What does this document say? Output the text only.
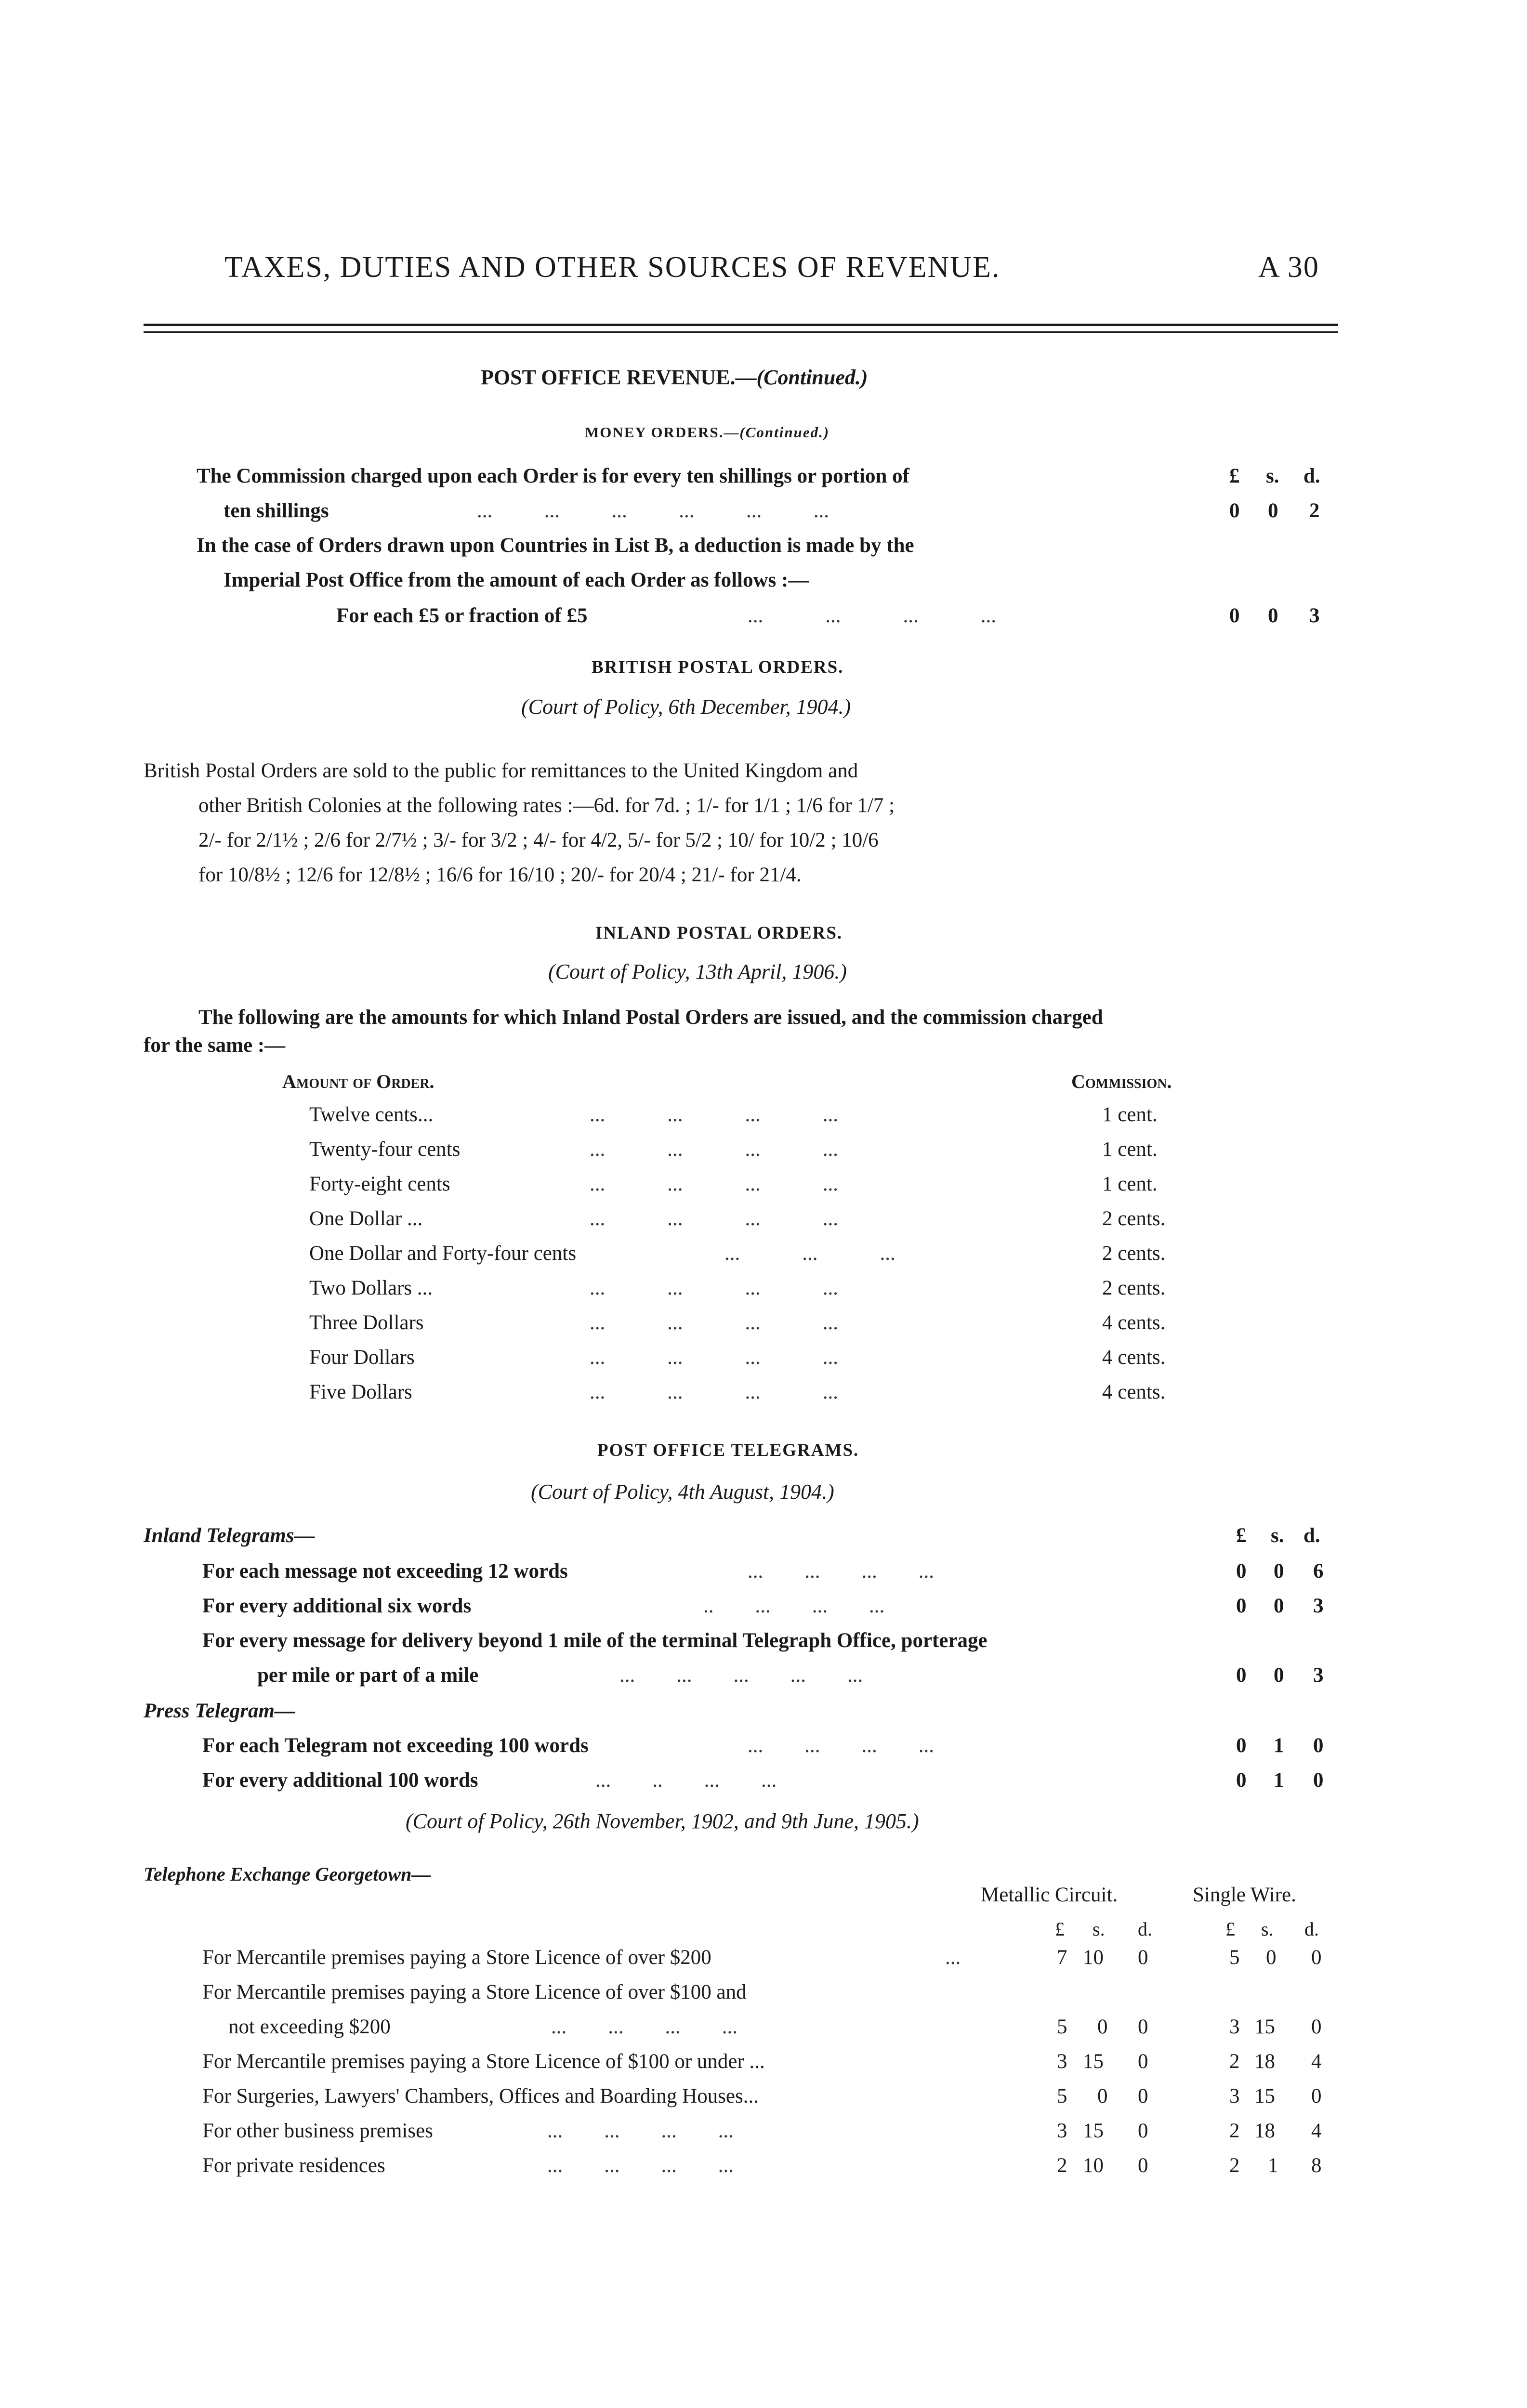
TAXES, DUTIES AND OTHER SOURCES OF REVENUE.	A 30
POST OFFICE REVENUE.—(Continued.)
MONEY ORDERS.—(Continued.)
The Commission charged upon each Order is for every ten shillings or portion of	£ s. d.
ten shillings	...          ...          ...          ...          ...          ...	0 0 2
In the case of Orders drawn upon Countries in List B, a deduction is made by the
Imperial Post Office from the amount of each Order as follows :—
For each £5 or fraction of £5	...            ...            ...            ...	0 0 3
BRITISH POSTAL ORDERS.
(Court of Policy, 6th December, 1904.)
British Postal Orders are sold to the public for remittances to the United Kingdom and
other British Colonies at the following rates :—6d. for 7d. ; 1/- for 1/1 ; 1/6 for 1/7 ;
2/- for 2/1½ ; 2/6 for 2/7½ ; 3/- for 3/2 ; 4/- for 4/2, 5/- for 5/2 ; 10/ for 10/2 ; 10/6
for 10/8½ ; 12/6 for 12/8½ ; 16/6 for 16/10 ; 20/- for 20/4 ; 21/- for 21/4.
INLAND POSTAL ORDERS.
(Court of Policy, 13th April, 1906.)
The following are the amounts for which Inland Postal Orders are issued, and the commission charged
for the same :—
Amount of Order.	Commission.
Twelve cents...	...            ...            ...            ...	1 cent.
Twenty-four cents	...            ...            ...            ...	1 cent.
Forty-eight cents	...            ...            ...            ...	1 cent.
One Dollar ...	...            ...            ...            ...	2 cents.
One Dollar and Forty-four cents	...            ...            ...	2 cents.
Two Dollars ...	...            ...            ...            ...	2 cents.
Three Dollars	...            ...            ...            ...	4 cents.
Four Dollars	...            ...            ...            ...	4 cents.
Five Dollars	...            ...            ...            ...	4 cents.
POST OFFICE TELEGRAMS.
(Court of Policy, 4th August, 1904.)
Inland Telegrams—	£ s. d.
For each message not exceeding 12 words	...        ...        ...        ...	0 0 6
For every additional six words	..        ...        ...        ...	0 0 3
For every message for delivery beyond 1 mile of the terminal Telegraph Office, porterage
per mile or part of a mile	...        ...        ...        ...        ...	0 0 3
Press Telegram—
For each Telegram not exceeding 100 words	...        ...        ...        ...	0 1 0
For every additional 100 words	...        ..        ...        ...	0 1 0
(Court of Policy, 26th November, 1902, and 9th June, 1905.)
Telephone Exchange Georgetown—
Metallic Circuit.	Single Wire.
£ s. d.	£ s. d.
For Mercantile premises paying a Store Licence of over $200	...	7 10 0	5 0 0
For Mercantile premises paying a Store Licence of over $100 and
not exceeding $200	...        ...        ...        ...	5 0 0	3 15 0
For Mercantile premises paying a Store Licence of $100 or under ...	3 15 0	2 18 4
For Surgeries, Lawyers' Chambers, Offices and Boarding Houses...	5 0 0	3 15 0
For other business premises	...        ...        ...        ...	3 15 0	2 18 4
For private residences	...        ...        ...        ...	2 10 0	2 1 8
